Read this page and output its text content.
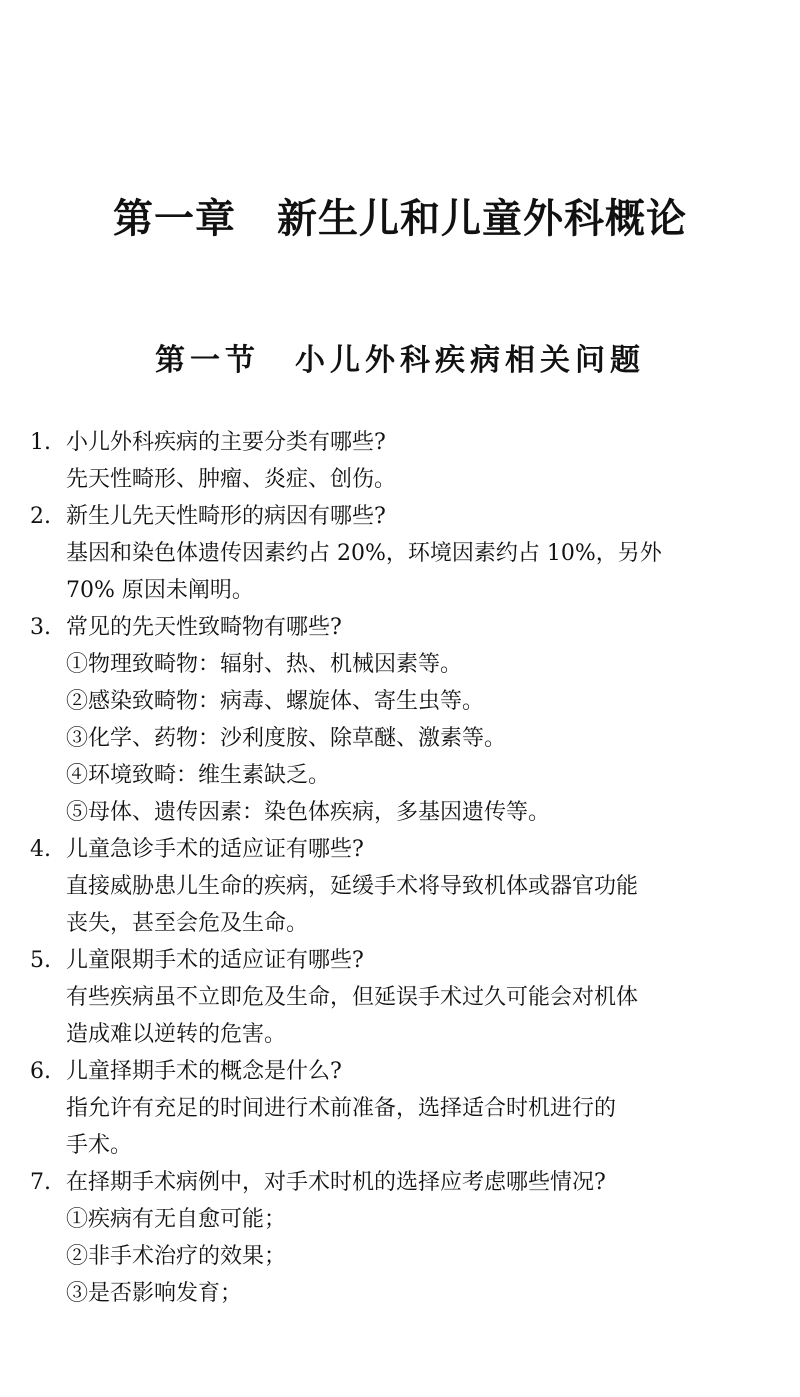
第一章　新生儿和儿童外科概论
第一节　小儿外科疾病相关问题
1. 小儿外科疾病的主要分类有哪些?
先天性畸形、肿瘤、炎症、创伤。
2. 新生儿先天性畸形的病因有哪些?
基因和染色体遗传因素约占 20%，环境因素约占 10%，另外
70% 原因未阐明。
3. 常见的先天性致畸物有哪些?
①物理致畸物：辐射、热、机械因素等。
②感染致畸物：病毒、螺旋体、寄生虫等。
③化学、药物：沙利度胺、除草醚、激素等。
④环境致畸：维生素缺乏。
⑤母体、遗传因素：染色体疾病，多基因遗传等。
4. 儿童急诊手术的适应证有哪些?
直接威胁患儿生命的疾病，延缓手术将导致机体或器官功能
丧失，甚至会危及生命。
5. 儿童限期手术的适应证有哪些?
有些疾病虽不立即危及生命，但延误手术过久可能会对机体
造成难以逆转的危害。
6. 儿童择期手术的概念是什么?
指允许有充足的时间进行术前准备，选择适合时机进行的
手术。
7. 在择期手术病例中，对手术时机的选择应考虑哪些情况?
①疾病有无自愈可能；
②非手术治疗的效果；
③是否影响发育；
